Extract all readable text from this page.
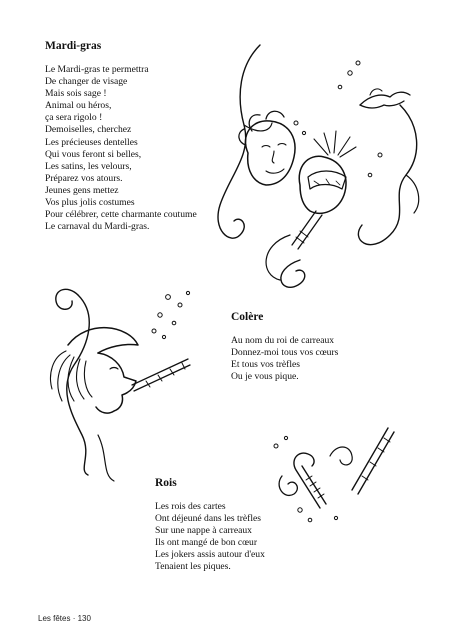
Mardi-gras
Le Mardi-gras te permettra
De changer de visage
Mais sois sage !
Animal ou héros,
ça sera rigolo !
Demoiselles, cherchez
Les précieuses dentelles
Qui vous feront si belles,
Les satins, les velours,
Préparez vos atours.
Jeunes gens mettez
Vos plus jolis costumes
Pour célébrer, cette charmante coutume
Le carnaval du Mardi-gras.
Colère
Au nom du roi de carreaux
Donnez-moi tous vos cœurs
Et tous vos trèfles
Ou je vous pique.
Rois
Les rois des cartes
Ont déjeuné dans les trèfles
Sur une nappe à carreaux
Ils ont mangé de bon cœur
Les jokers assis autour d'eux
Tenaient les piques.
Les fêtes · 130
